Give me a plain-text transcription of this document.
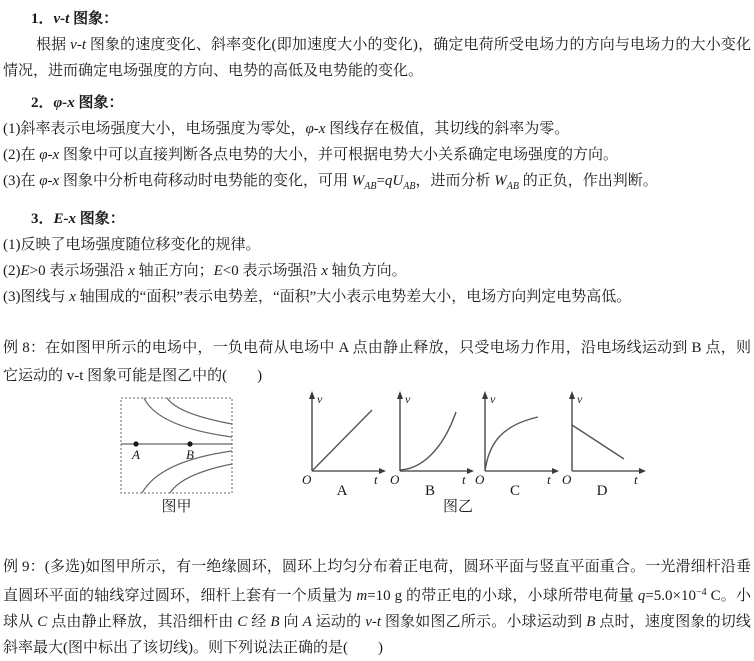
1．v-t 图象：

根据 v-t 图象的速度变化、斜率变化(即加速度大小的变化)，确定电荷所受电场力的方向与电场力的大小变化情况，进而确定电场强度的方向、电势的高低及电势能的变化。

2．φ-x 图象：

(1)斜率表示电场强度大小，电场强度为零处，φ-x 图线存在极值，其切线的斜率为零。

(2)在 φ-x 图象中可以直接判断各点电势的大小，并可根据电势大小关系确定电场强度的方向。

(3)在 φ-x 图象中分析电荷移动时电势能的变化，可用 $W_{AB}=qU_{AB}$，进而分析 $W_{AB}$ 的正负，作出判断。

3．E-x 图象：

(1)反映了电场强度随位移变化的规律。

(2)E>0 表示场强沿 x 轴正方向；E<0 表示场强沿 x 轴负方向。

(3)图线与 x 轴围成的“面积”表示电势差，“面积”大小表示电势差大小，电场方向判定电势高低。

例 8：在如图甲所示的电场中，一负电荷从电场中 A 点由静止释放，只受电场力作用，沿电场线运动到 B 点，则它运动的 v-t 图象可能是图乙中的(　　)

A	B
图甲
v
O	t
A
v
O	t
B
v
O	t
C
v
O	t
D
图乙

例 9：(多选)如图甲所示，有一绝缘圆环，圆环上均匀分布着正电荷，圆环平面与竖直平面重合。一光滑细杆沿垂直圆环平面的轴线穿过圆环，细杆上套有一个质量为 m=10 g 的带正电的小球，小球所带电荷量 $q=5.0\times 10^{-4}$ C。小球从 C 点由静止释放，其沿细杆由 C 经 B 向 A 运动的 v-t 图象如图乙所示。小球运动到 B 点时，速度图象的切线斜率最大(图中标出了该切线)。则下列说法正确的是(　　)
